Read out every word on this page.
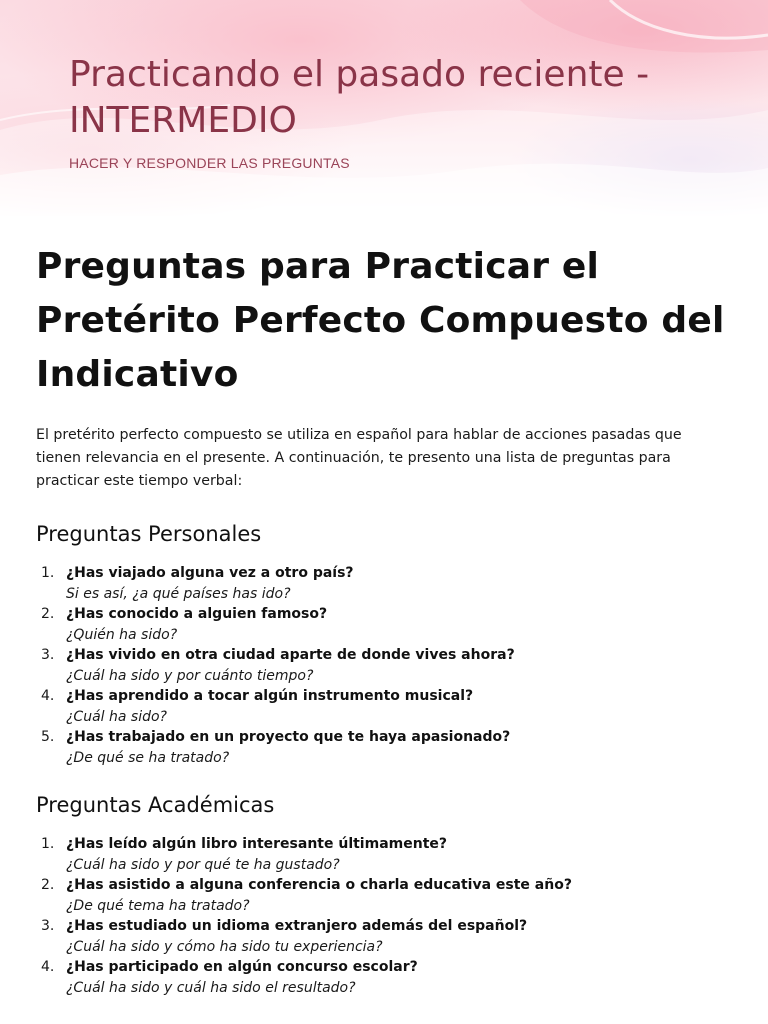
Practicando el pasado reciente - INTERMEDIO

HACER Y RESPONDER LAS PREGUNTAS

Preguntas para Practicar el Pretérito Perfecto Compuesto del Indicativo

El pretérito perfecto compuesto se utiliza en español para hablar de acciones pasadas que tienen relevancia en el presente. A continuación, te presento una lista de preguntas para practicar este tiempo verbal:

Preguntas Personales
1. ¿Has viajado alguna vez a otro país?
Si es así, ¿a qué países has ido?
2. ¿Has conocido a alguien famoso?
¿Quién ha sido?
3. ¿Has vivido en otra ciudad aparte de donde vives ahora?
¿Cuál ha sido y por cuánto tiempo?
4. ¿Has aprendido a tocar algún instrumento musical?
¿Cuál ha sido?
5. ¿Has trabajado en un proyecto que te haya apasionado?
¿De qué se ha tratado?
Preguntas Académicas
1. ¿Has leído algún libro interesante últimamente?
¿Cuál ha sido y por qué te ha gustado?
2. ¿Has asistido a alguna conferencia o charla educativa este año?
¿De qué tema ha tratado?
3. ¿Has estudiado un idioma extranjero además del español?
¿Cuál ha sido y cómo ha sido tu experiencia?
4. ¿Has participado en algún concurso escolar?
¿Cuál ha sido y cuál ha sido el resultado?
